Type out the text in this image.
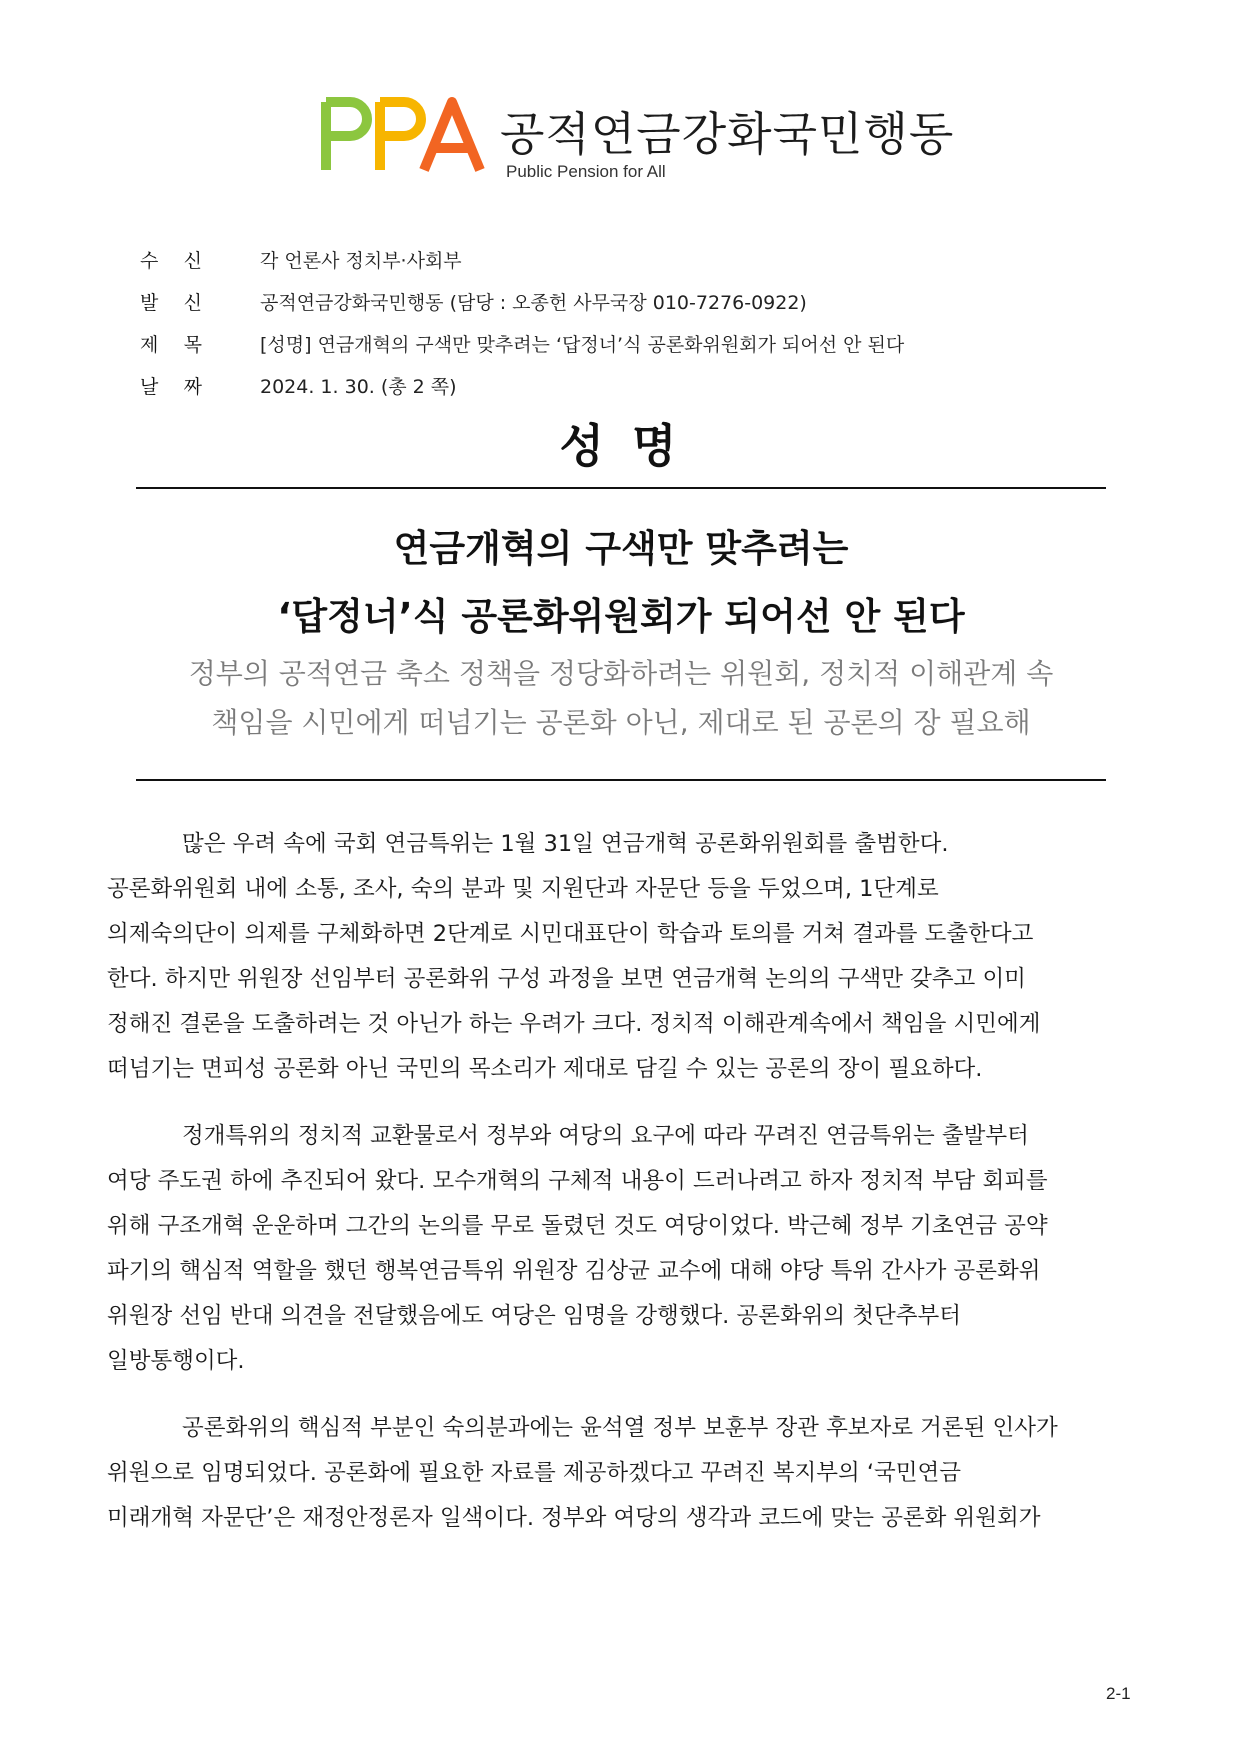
공적연금강화국민행동
Public Pension for All
수 신	각 언론사 정치부·사회부
발 신	공적연금강화국민행동 (담당 : 오종헌 사무국장 010-7276-0922)
제 목	[성명] 연금개혁의 구색만 맞추려는 ‘답정너’식 공론화위원회가 되어선 안 된다
날 짜	2024. 1. 30. (총 2 쪽)
성 명
연금개혁의 구색만 맞추려는
‘답정너’식 공론화위원회가 되어선 안 된다
정부의 공적연금 축소 정책을 정당화하려는 위원회, 정치적 이해관계 속
책임을 시민에게 떠넘기는 공론화 아닌, 제대로 된 공론의 장 필요해
많은 우려 속에 국회 연금특위는 1월 31일 연금개혁 공론화위원회를 출범한다.
공론화위원회 내에 소통, 조사, 숙의 분과 및 지원단과 자문단 등을 두었으며, 1단계로
의제숙의단이 의제를 구체화하면 2단계로 시민대표단이 학습과 토의를 거쳐 결과를 도출한다고
한다. 하지만 위원장 선임부터 공론화위 구성 과정을 보면 연금개혁 논의의 구색만 갖추고 이미
정해진 결론을 도출하려는 것 아닌가 하는 우려가 크다. 정치적 이해관계속에서 책임을 시민에게
떠넘기는 면피성 공론화 아닌 국민의 목소리가 제대로 담길 수 있는 공론의 장이 필요하다.
정개특위의 정치적 교환물로서 정부와 여당의 요구에 따라 꾸려진 연금특위는 출발부터
여당 주도권 하에 추진되어 왔다. 모수개혁의 구체적 내용이 드러나려고 하자 정치적 부담 회피를
위해 구조개혁 운운하며 그간의 논의를 무로 돌렸던 것도 여당이었다. 박근혜 정부 기초연금 공약
파기의 핵심적 역할을 했던 행복연금특위 위원장 김상균 교수에 대해 야당 특위 간사가 공론화위
위원장 선임 반대 의견을 전달했음에도 여당은 임명을 강행했다. 공론화위의 첫단추부터
일방통행이다.
공론화위의 핵심적 부분인 숙의분과에는 윤석열 정부 보훈부 장관 후보자로 거론된 인사가
위원으로 임명되었다. 공론화에 필요한 자료를 제공하겠다고 꾸려진 복지부의 ‘국민연금
미래개혁 자문단’은 재정안정론자 일색이다. 정부와 여당의 생각과 코드에 맞는 공론화 위원회가
2-1
